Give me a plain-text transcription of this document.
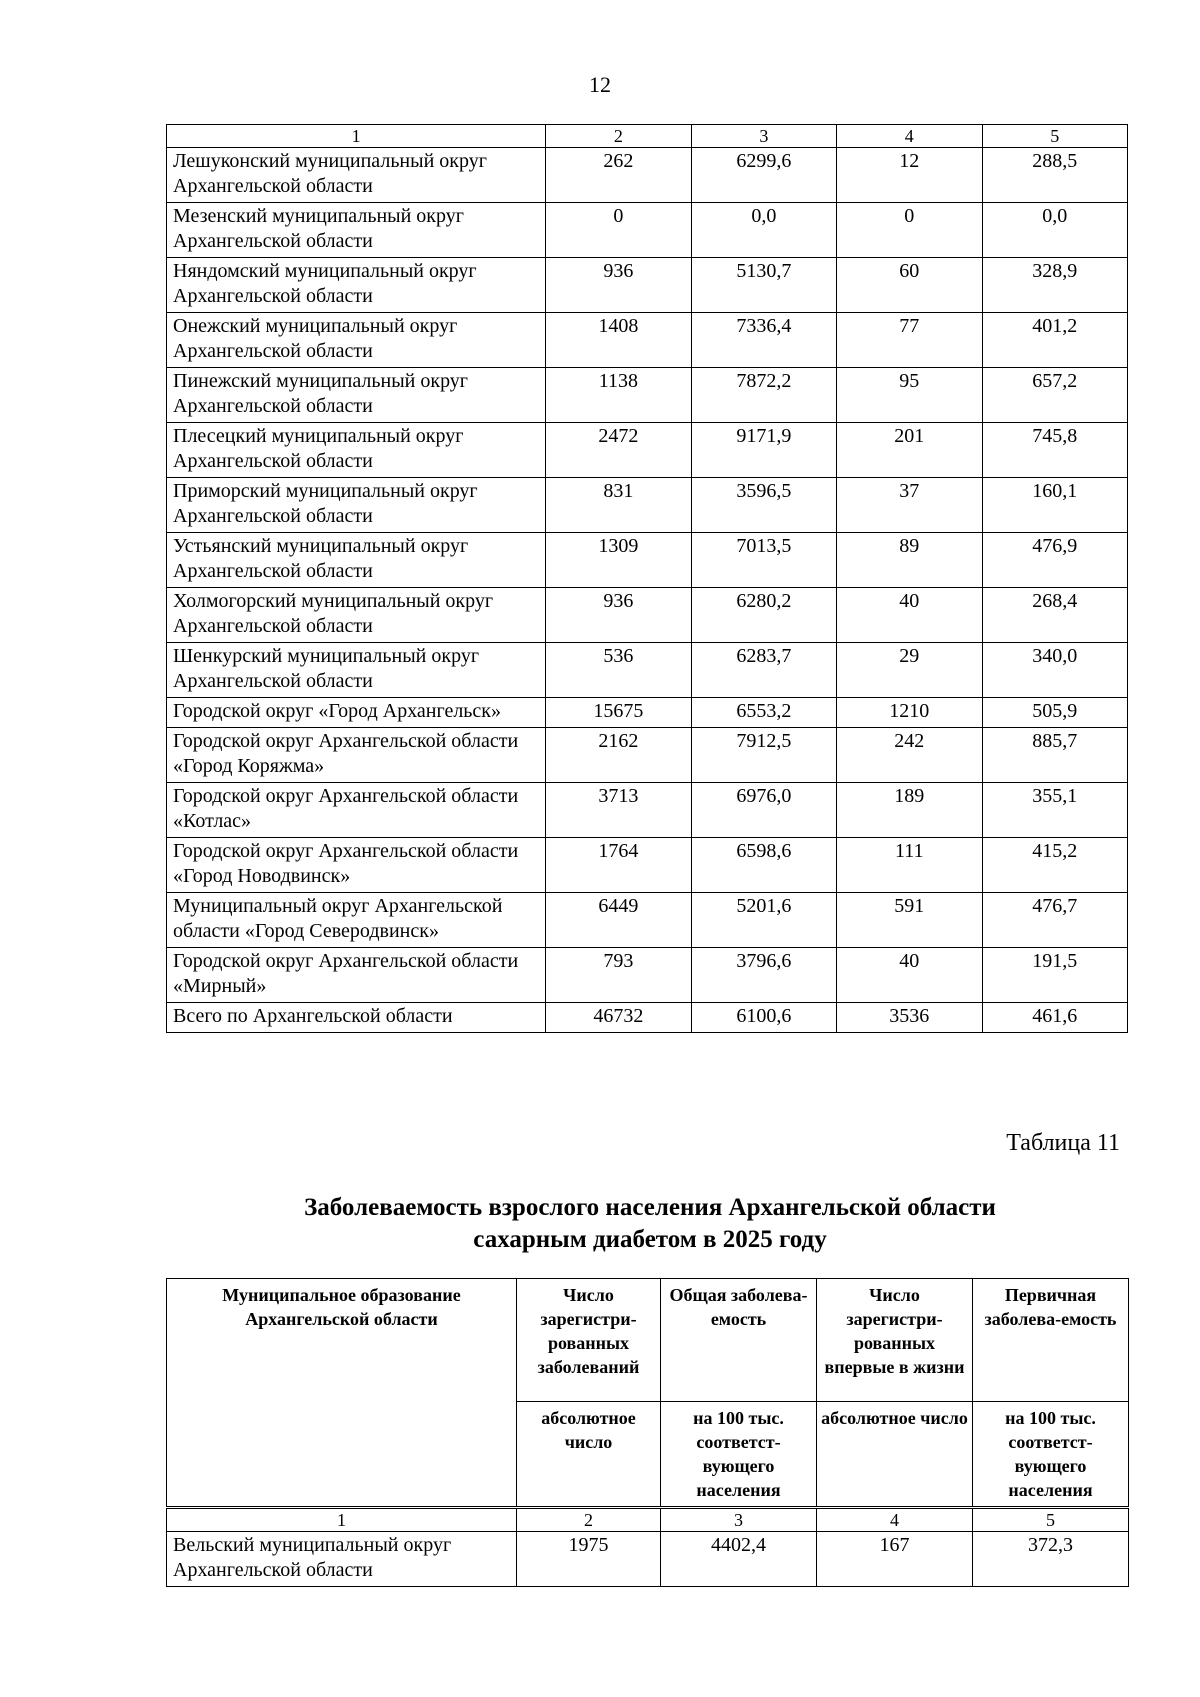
12
1	2	3	4	5
Лешуконский муниципальный округ Архангельской области	262	6299,6	12	288,5
Мезенский муниципальный округ Архангельской области	0	0,0	0	0,0
Няндомский муниципальный округ Архангельской области	936	5130,7	60	328,9
Онежский муниципальный округ Архангельской области	1408	7336,4	77	401,2
Пинежский муниципальный округ Архангельской области	1138	7872,2	95	657,2
Плесецкий муниципальный округ Архангельской области	2472	9171,9	201	745,8
Приморский муниципальный округ Архангельской области	831	3596,5	37	160,1
Устьянский муниципальный округ Архангельской области	1309	7013,5	89	476,9
Холмогорский муниципальный округ Архангельской области	936	6280,2	40	268,4
Шенкурский муниципальный округ Архангельской области	536	6283,7	29	340,0
Городской округ «Город Архангельск»	15675	6553,2	1210	505,9
Городской округ Архангельской области «Город Коряжма»	2162	7912,5	242	885,7
Городской округ Архангельской области «Котлас»	3713	6976,0	189	355,1
Городской округ Архангельской области «Город Новодвинск»	1764	6598,6	111	415,2
Муниципальный округ Архангельской области «Город Северодвинск»	6449	5201,6	591	476,7
Городской округ Архангельской области «Мирный»	793	3796,6	40	191,5
Всего по Архангельской области	46732	6100,6	3536	461,6
Таблица 11
Заболеваемость взрослого населения Архангельской области
сахарным диабетом в 2025 году
Муниципальное образование Архангельской области	Число зарегистри-рованных заболеваний	Общая заболева-емость	Число зарегистри-рованных впервые в жизни	Первичная заболева-емость
	абсолютное число	на 100 тыс. соответст-вующего населения	абсолютное число	на 100 тыс. соответст-вующего населения
1	2	3	4	5
Вельский муниципальный округ Архангельской области	1975	4402,4	167	372,3
